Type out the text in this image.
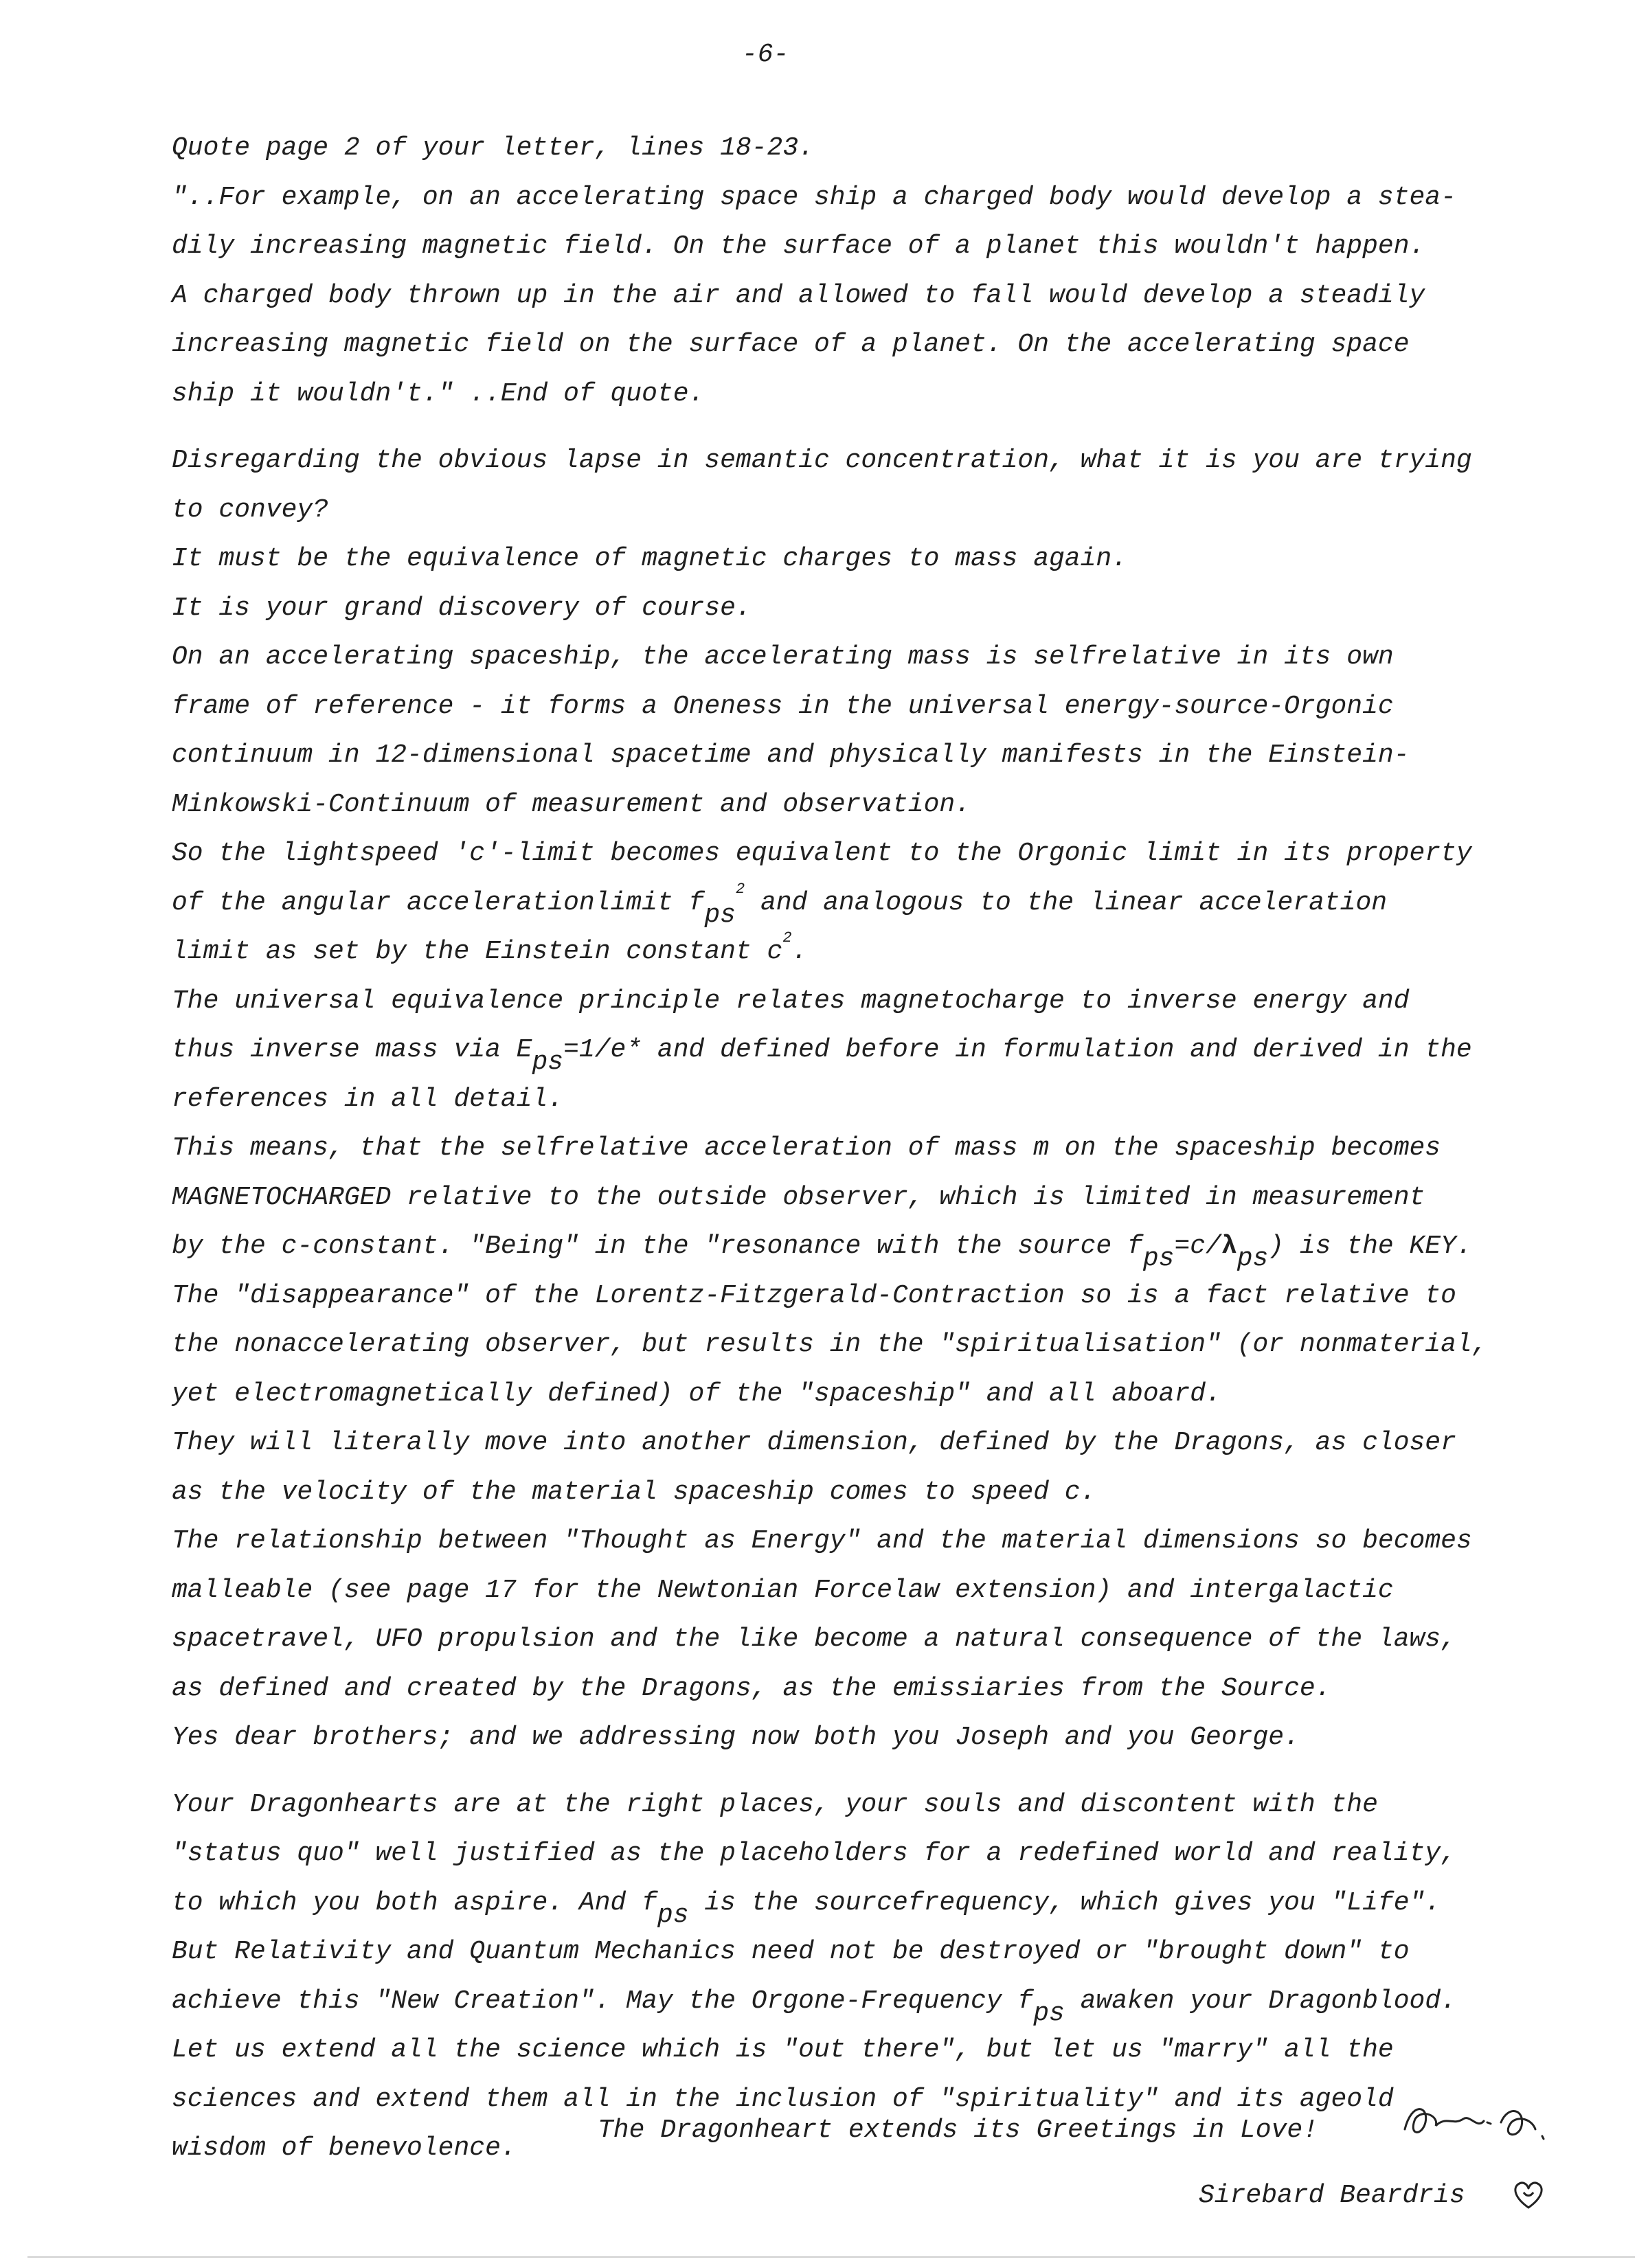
-6-
Quote page 2 of your letter, lines 18-23.
"..For example, on an accelerating space ship a charged body would develop a stea-
dily increasing magnetic field. On the surface of a planet this wouldn't happen.
A charged body thrown up in the air and allowed to fall would develop a steadily
increasing magnetic field on the surface of a planet. On the accelerating space
ship it wouldn't." ..End of quote.
Disregarding the obvious lapse in semantic concentration, what it is you are trying
to convey?
It must be the equivalence of magnetic charges to mass again.
It is your grand discovery of course.
On an accelerating spaceship, the accelerating mass is selfrelative in its own
frame of reference - it forms a Oneness in the universal energy-source-Orgonic
continuum in 12-dimensional spacetime and physically manifests in the Einstein-
Minkowski-Continuum of measurement and observation.
So the lightspeed 'c'-limit becomes equivalent to the Orgonic limit in its property
of the angular accelerationlimit $f_{ps}^2$ and analogous to the linear acceleration
limit as set by the Einstein constant $c^2$.
The universal equivalence principle relates magnetocharge to inverse energy and
thus inverse mass via $E_{ps}=1/e*$ and defined before in formulation and derived in the
references in all detail.
This means, that the selfrelative acceleration of mass m on the spaceship becomes
MAGNETOCHARGED relative to the outside observer, which is limited in measurement
by the c-constant. "Being" in the "resonance with the source $f_{ps}=c/\lambda_{ps}$) is the KEY.
The "disappearance" of the Lorentz-Fitzgerald-Contraction so is a fact relative to
the nonaccelerating observer, but results in the "spiritualisation" (or nonmaterial,
yet electromagnetically defined) of the "spaceship" and all aboard.
They will literally move into another dimension, defined by the Dragons, as closer
as the velocity of the material spaceship comes to speed c.
The relationship between "Thought as Energy" and the material dimensions so becomes
malleable (see page 17 for the Newtonian Forcelaw extension) and intergalactic
spacetravel, UFO propulsion and the like become a natural consequence of the laws,
as defined and created by the Dragons, as the emissiaries from the Source.
Yes dear brothers; and we addressing now both you Joseph and you George.
Your Dragonhearts are at the right places, your souls and discontent with the
"status quo" well justified as the placeholders for a redefined world and reality,
to which you both aspire. And $f_{ps}$ is the sourcefrequency, which gives you "Life".
But Relativity and Quantum Mechanics need not be destroyed or "brought down" to
achieve this "New Creation". May the Orgone-Frequency $f_{ps}$ awaken your Dragonblood.
Let us extend all the science which is "out there", but let us "marry" all the
sciences and extend them all in the inclusion of "spirituality" and its ageold
wisdom of benevolence.
The Dragonheart extends its Greetings in Love!
Sirebard Beardris
